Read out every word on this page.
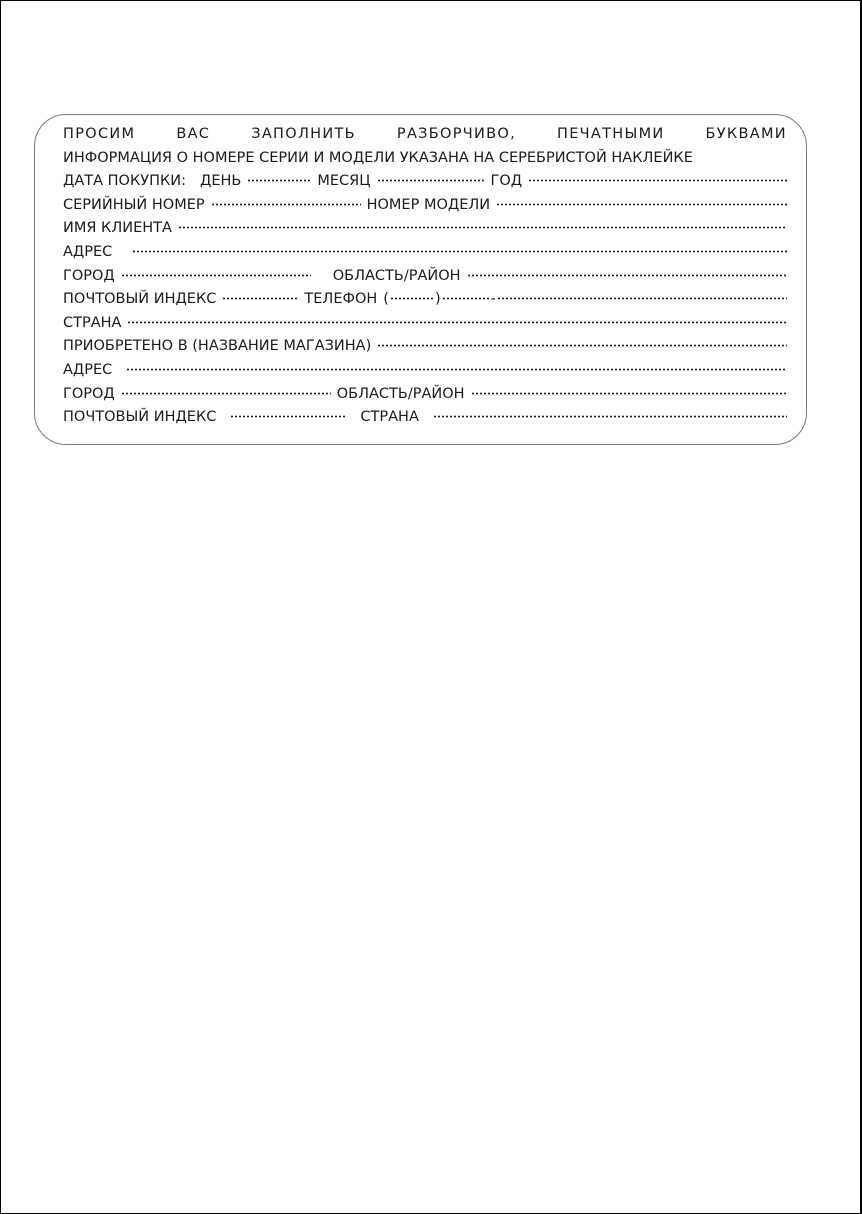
ПРОСИМ	ВАС	ЗАПОЛНИТЬ	РАЗБОРЧИВО,	ПЕЧАТНЫМИ	БУКВАМИ
ИНФОРМАЦИЯ О НОМЕРЕ СЕРИИ И МОДЕЛИ УКАЗАНА НА СЕРЕБРИСТОЙ НАКЛЕЙКЕ
ДАТА ПОКУПКИ: ДЕНЬ	МЕСЯЦ	ГОД
СЕРИЙНЫЙ НОМЕР	НОМЕР МОДЕЛИ
ИМЯ КЛИЕНТА
АДРЕС
ГОРОД	ОБЛАСТЬ/РАЙОН
ПОЧТОВЫЙ ИНДЕКС	ТЕЛЕФОН (	)	-
СТРАНА
ПРИОБРЕТЕНО В (НАЗВАНИЕ МАГАЗИНА)
АДРЕС
ГОРОД	ОБЛАСТЬ/РАЙОН
ПОЧТОВЫЙ ИНДЕКС	СТРАНА
